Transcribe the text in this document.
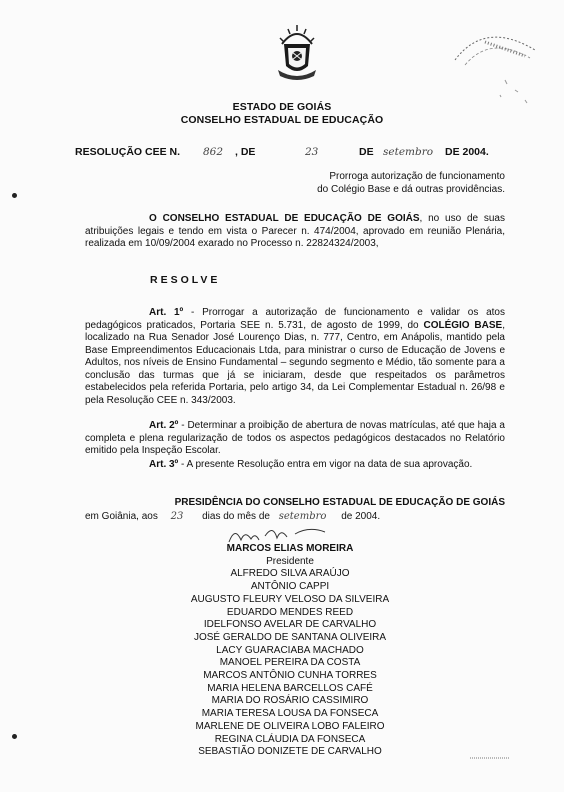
ESTADO DE GOIÁS
CONSELHO ESTADUAL DE EDUCAÇÃO
RESOLUÇÃO CEE N. 862 , DE	23	DE setembro DE 2004.
Prorroga autorização de funcionamento
do Colégio Base e dá outras providências.
O CONSELHO ESTADUAL DE EDUCAÇÃO DE GOIÁS, no uso de suas atribuições legais e tendo em vista o Parecer n. 474/2004, aprovado em reunião Plenária, realizada em 10/09/2004 exarado no Processo n. 22824324/2003,
RESOLVE
Art. 1º - Prorrogar a autorização de funcionamento e validar os atos pedagógicos praticados, Portaria SEE n. 5.731, de agosto de 1999, do COLÉGIO BASE, localizado na Rua Senador José Lourenço Dias, n. 777, Centro, em Anápolis, mantido pela Base Empreendimentos Educacionais Ltda, para ministrar o curso de Educação de Jovens e Adultos, nos níveis de Ensino Fundamental – segundo segmento e Médio, tão somente para a conclusão das turmas que já se iniciaram, desde que respeitados os parâmetros estabelecidos pela referida Portaria, pelo artigo 34, da Lei Complementar Estadual n. 26/98 e pela Resolução CEE n. 343/2003.
Art. 2º - Determinar a proibição de abertura de novas matrículas, até que haja a completa e plena regularização de todos os aspectos pedagógicos destacados no Relatório emitido pela Inspeção Escolar.
Art. 3º - A presente Resolução entra em vigor na data de sua aprovação.
PRESIDÊNCIA DO CONSELHO ESTADUAL DE EDUCAÇÃO DE GOIÁS
em Goiânia, aos 23 dias do mês de setembro de 2004.
MARCOS ELIAS MOREIRA
Presidente
ALFREDO SILVA ARAÚJO
ANTÔNIO CAPPI
AUGUSTO FLEURY VELOSO DA SILVEIRA
EDUARDO MENDES REED
IDELFONSO AVELAR DE CARVALHO
JOSÉ GERALDO DE SANTANA OLIVEIRA
LACY GUARACIABA MACHADO
MANOEL PEREIRA DA COSTA
MARCOS ANTÔNIO CUNHA TORRES
MARIA HELENA BARCELLOS CAFÉ
MARIA DO ROSÁRIO CASSIMIRO
MARIA TERESA LOUSA DA FONSECA
MARLENE DE OLIVEIRA LOBO FALEIRO
REGINA CLÁUDIA DA FONSECA
SEBASTIÃO DONIZETE DE CARVALHO
